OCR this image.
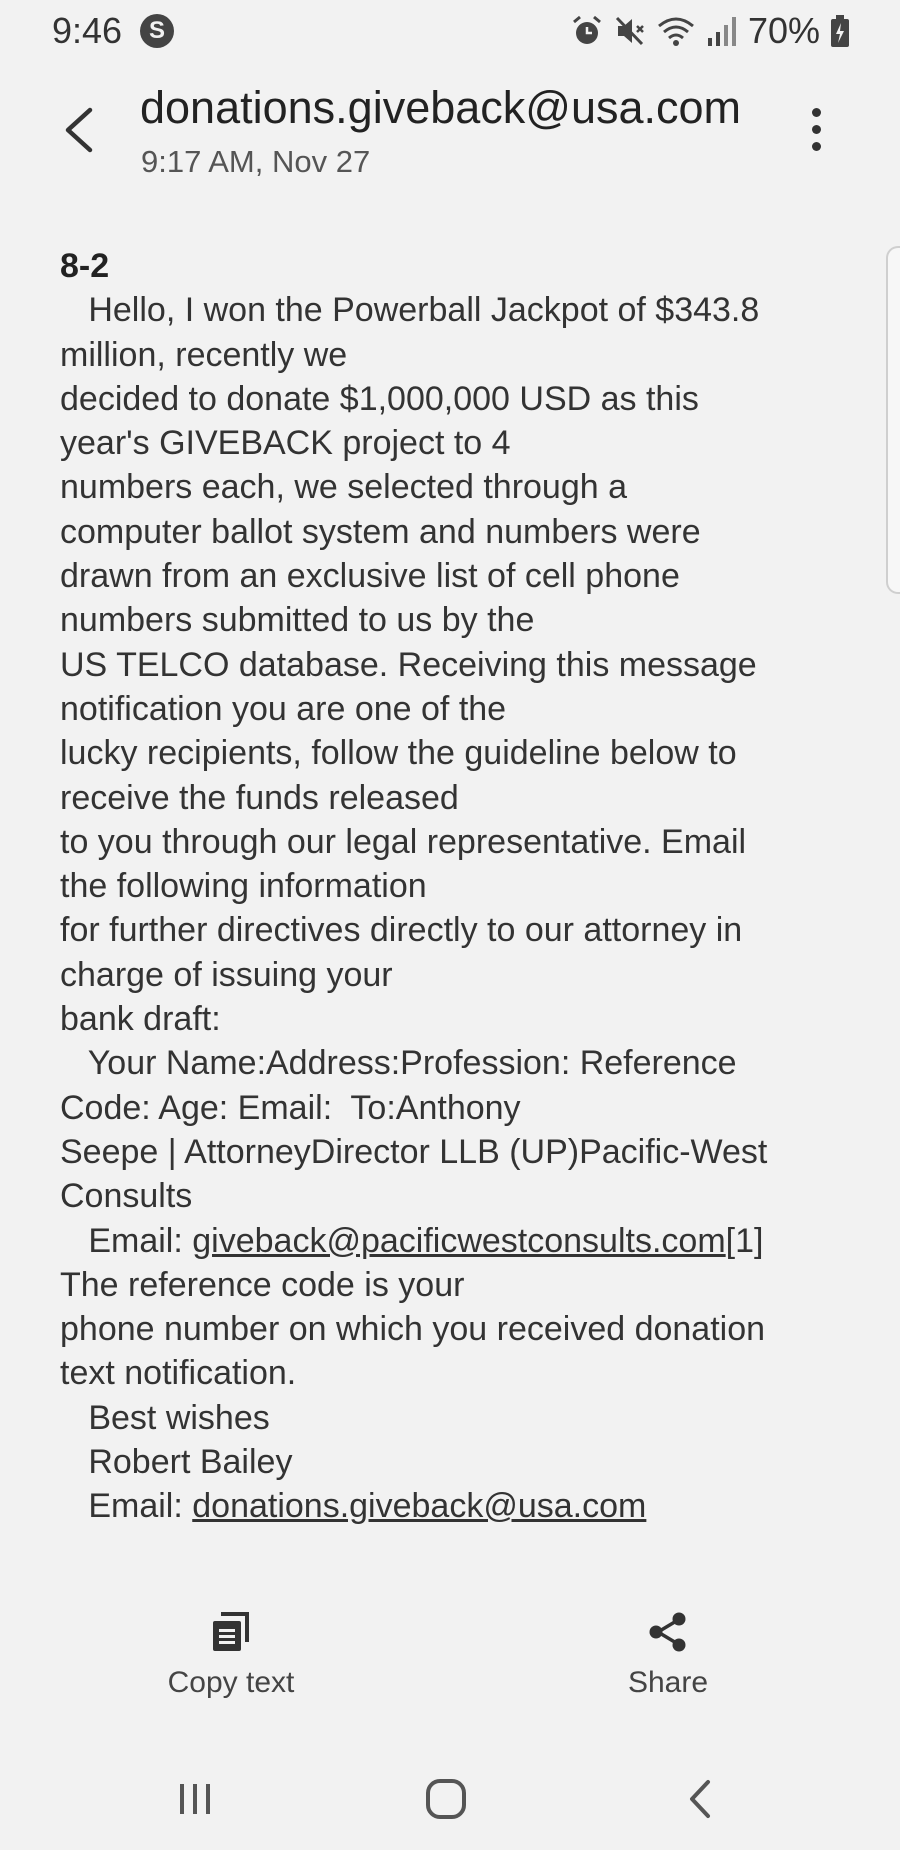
9:46	S	70%
donations.giveback@usa.com
9:17 AM, Nov 27
8-2
Hello, I won the Powerball Jackpot of $343.8
million, recently we
decided to donate $1,000,000 USD as this
year's GIVEBACK project to 4
numbers each, we selected through a
computer ballot system and numbers were
drawn from an exclusive list of cell phone
numbers submitted to us by the
US TELCO database. Receiving this message
notification you are one of the
lucky recipients, follow the guideline below to
receive the funds released
to you through our legal representative. Email
the following information
for further directives directly to our attorney in
charge of issuing your
bank draft:
Your Name:Address:Profession: Reference
Code: Age: Email:  To:Anthony
Seepe | AttorneyDirector LLB (UP)Pacific-West
Consults
Email: giveback@pacificwestconsults.com[1]
The reference code is your
phone number on which you received donation
text notification.
Best wishes
Robert Bailey
Email: donations.giveback@usa.com
Copy text	Share
